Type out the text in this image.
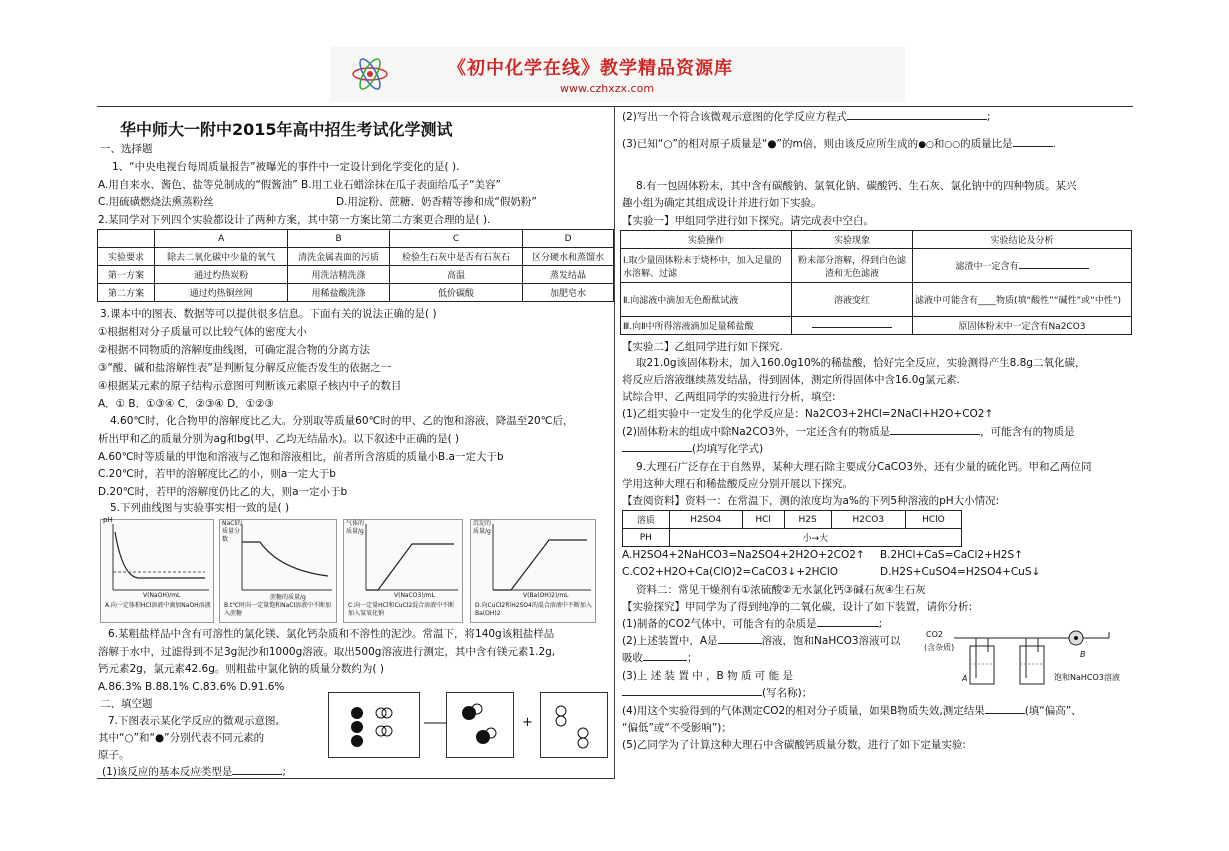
《初中化学在线》教学精品资源库
www.czhxzx.com
华中师大一附中2015年高中招生考试化学测试
一、选择题
1、“中央电视台每周质量报告”被曝光的事件中一定设计到化学变化的是( ).
A.用自来水、酱色、盐等兑制成的“假酱油” B.用工业石蜡涂抹在瓜子表面给瓜子“美容”
C.用硫磺燃烧法熏蒸粉丝	D.用淀粉、蔗糖、奶香精等掺和成“假奶粉”
2.某同学对下列四个实验都设计了两种方案，其中第一方案比第二方案更合理的是( ).
	A	B	C	D
实验要求	除去二氧化碳中少量的氧气	清洗金属表面的污质	检验生石灰中是否有石灰石	区分硬水和蒸馏水
第一方案	通过灼热炭粉	用洗洁精洗涤	高温	蒸发结晶
第二方案	通过灼热铜丝网	用稀盐酸洗涤	低价碳酸	加肥皂水
3.课本中的图表、数据等可以提供很多信息。下面有关的说法正确的是( )
①根据相对分子质量可以比较气体的密度大小
②根据不同物质的溶解度曲线图，可确定混合物的分离方法
③“酸、碱和盐溶解性表”是判断复分解反应能否发生的依据之一
④根据某元素的原子结构示意图可判断该元素原子核内中子的数目
A．① B．①③④ C．②③④ D．①②③
4.60℃时，化合物甲的溶解度比乙大。分别取等质量60℃时的甲、乙的饱和溶液，降温至20℃后，
析出甲和乙的质量分别为ag和bg(甲、乙均无结晶水)。以下叙述中正确的是( )
A.60℃时等质量的甲饱和溶液与乙饱和溶液相比，前者所含溶质的质量小B.a一定大于b
C.20℃时，若甲的溶解度比乙的小，则a一定大于b
D.20℃时，若甲的溶解度仍比乙的大，则a一定小于b
5.下列曲线图与实验事实相一致的是( )
pH
V(NaOH)/mL
A.向一定体积HCl溶液中滴加NaOH溶液
NaCl的质量分数
蔗糖的质量/g
B.t℃时向一定量饱和NaCl溶液中不断加入蔗糖
气体的质量/g
V(NaCO3)/mL
C.向一定量HCl和CuCl2混合溶液中不断加入氢氧化钠
沉淀的质量/g
V(Ba(OH)2)/mL
D.向CuCl2和H2SO4的混合溶液中不断加入Ba(OH)2
6.某粗盐样品中含有可溶性的氯化镁、氯化钙杂质和不溶性的泥沙。常温下，将140g该粗盐样品
溶解于水中，过滤得到不足3g泥沙和1000g溶液。取出500g溶液进行测定，其中含有镁元素1.2g,
钙元素2g，氯元素42.6g。则粗盐中氯化钠的质量分数约为( )
A.86.3% B.88.1% C.83.6% D.91.6%
二、填空题
7.下图表示某化学反应的微观示意图,
其中“○”和“●”分别代表不同元素的
原子。
(1)该反应的基本反应类型是	;
+
(2)写出一个符合该微观示意图的化学反应方程式	;
(3)已知“○”的相对原子质量是“●”的m倍，则由该反应所生成的●○和○○的质量比是	.
8.有一包固体粉末，其中含有碳酸钠、氯氧化钠、碳酸钙、生石灰、氯化钠中的四种物质。某兴
趣小组为确定其组成设计并进行如下实验。
【实验一】甲组同学进行如下探究。请完成表中空白。
实验操作	实验现象	实验结论及分析
Ⅰ.取少量固体粉末于烧杯中，加入足量的水溶解、过滤	粉末部分溶解，得到白色滤渣和无色滤液	滤渣中一定含有
Ⅱ.向滤液中滴加无色酚酞试液	溶液变红	滤液中可能含有____物质(填“酸性”“碱性”或“中性”)
Ⅲ.向Ⅱ中所得溶液滴加足量稀盐酸		原固体粉末中一定含有Na2CO3
【实验二】乙组同学进行如下探究.
取21.0g该固体粉末，加入160.0g10%的稀盐酸，恰好完全反应，实验测得产生8.8g二氧化碳，
将反应后溶液继续蒸发结晶，得到固体，测定所得固体中含16.0g氯元素.
试综合甲、乙两组同学的实验进行分析，填空:
(1)乙组实验中一定发生的化学反应是：Na2CO3+2HCl=2NaCl+H2O+CO2↑
(2)固体粉末的组成中除Na2CO3外，一定还含有的物质是	，可能含有的物质是
(均填写化学式)
9.大理石广泛存在于自然界，某种大理石除主要成分CaCO3外，还有少量的硫化钙。甲和乙两位同
学用这种大理石和稀盐酸反应分别开展以下探究。
【查阅资料】资料一：在常温下，测的浓度均为a%的下列5种溶液的pH大小情况:
溶质	H2SO4	HCl	H2S	H2CO3	HClO
PH	小→大				
A.H2SO4+2NaHCO3=Na2SO4+2H2O+2CO2↑ B.2HCl+CaS=CaCl2+H2S↑
C.CO2+H2O+Ca(ClO)2=CaCO3↓+2HClO	D.H2S+CuSO4=H2SO4+CuS↓
资料二：常见干燥剂有①浓硫酸②无水氯化钙③碱石灰④生石灰
【实验探究】甲同学为了得到纯净的二氧化碳，设计了如下装置，请你分析:
(1)制备的CO2气体中，可能含有的杂质是	;
(2)上述装置中，A是	溶液，饱和NaHCO3溶液可以
吸收	；
(3)上 述 装 置 中 ，B 物 质 可 能 是
(写名称)；
(4)用这个实验得到的气体测定CO2的相对分子质量，如果B物质失效,测定结果	(填“偏高”、
“偏低”或“不受影响”)；
(5)乙同学为了计算这种大理石中含碳酸钙质量分数，进行了如下定量实验:
CO2
(含杂质)
A
B
饱和NaHCO3溶液
